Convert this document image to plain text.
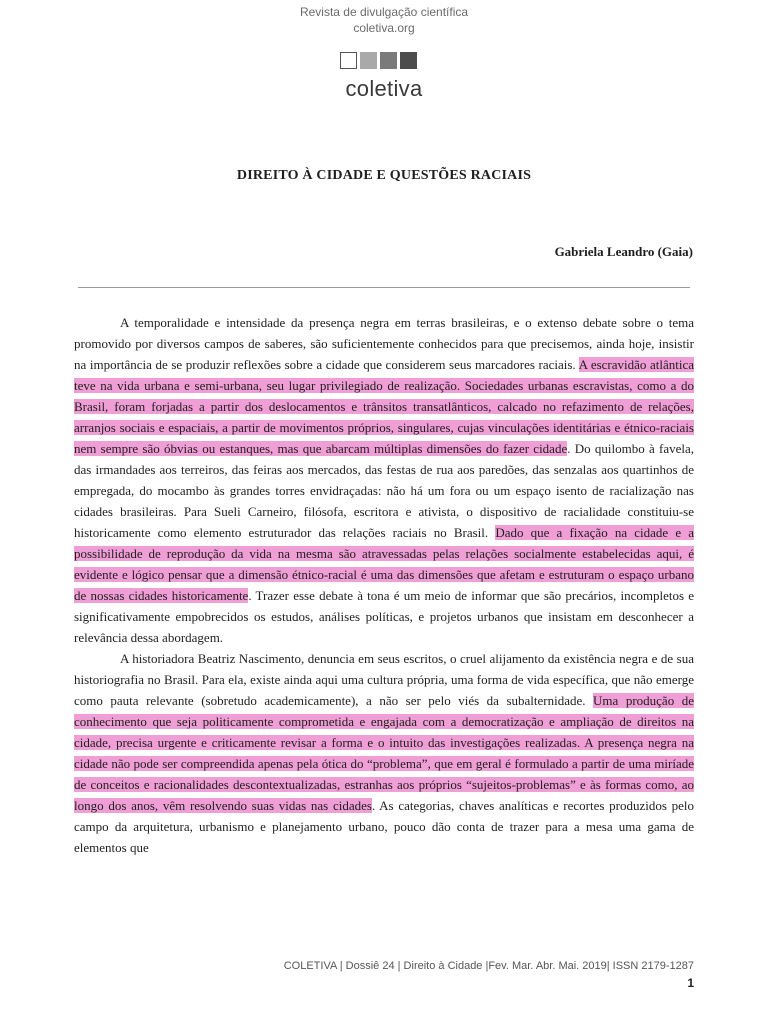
Revista de divulgação científica
coletiva.org
coletiva
DIREITO À CIDADE E QUESTÕES RACIAIS
Gabriela Leandro (Gaia)

A temporalidade e intensidade da presença negra em terras brasileiras, e o extenso debate sobre o tema promovido por diversos campos de saberes, são suficientemente conhecidos para que precisemos, ainda hoje, insistir na importância de se produzir reflexões sobre a cidade que considerem seus marcadores raciais. A escravidão atlântica teve na vida urbana e semi-urbana, seu lugar privilegiado de realização. Sociedades urbanas escravistas, como a do Brasil, foram forjadas a partir dos deslocamentos e trânsitos transatlânticos, calcado no refazimento de relações, arranjos sociais e espaciais, a partir de movimentos próprios, singulares, cujas vinculações identitárias e étnico-raciais nem sempre são óbvias ou estanques, mas que abarcam múltiplas dimensões do fazer cidade. Do quilombo à favela, das irmandades aos terreiros, das feiras aos mercados, das festas de rua aos paredões, das senzalas aos quartinhos de empregada, do mocambo às grandes torres envidraçadas: não há um fora ou um espaço isento de racialização nas cidades brasileiras. Para Sueli Carneiro, filósofa, escritora e ativista, o dispositivo de racialidade constituiu-se historicamente como elemento estruturador das relações raciais no Brasil. Dado que a fixação na cidade e a possibilidade de reprodução da vida na mesma são atravessadas pelas relações socialmente estabelecidas aqui, é evidente e lógico pensar que a dimensão étnico-racial é uma das dimensões que afetam e estruturam o espaço urbano de nossas cidades historicamente. Trazer esse debate à tona é um meio de informar que são precários, incompletos e significativamente empobrecidos os estudos, análises políticas, e projetos urbanos que insistam em desconhecer a relevância dessa abordagem.

A historiadora Beatriz Nascimento, denuncia em seus escritos, o cruel alijamento da existência negra e de sua historiografia no Brasil. Para ela, existe ainda aqui uma cultura própria, uma forma de vida específica, que não emerge como pauta relevante (sobretudo academicamente), a não ser pelo viés da subalternidade. Uma produção de conhecimento que seja politicamente comprometida e engajada com a democratização e ampliação de direitos na cidade, precisa urgente e criticamente revisar a forma e o intuito das investigações realizadas. A presença negra na cidade não pode ser compreendida apenas pela ótica do “problema”, que em geral é formulado a partir de uma miríade de conceitos e racionalidades descontextualizadas, estranhas aos próprios “sujeitos-problemas” e às formas como, ao longo dos anos, vêm resolvendo suas vidas nas cidades. As categorias, chaves analíticas e recortes produzidos pelo campo da arquitetura, urbanismo e planejamento urbano, pouco dão conta de trazer para a mesa uma gama de elementos que

COLETIVA | Dossiê 24 | Direito à Cidade |Fev. Mar. Abr. Mai. 2019| ISSN 2179-1287
1
